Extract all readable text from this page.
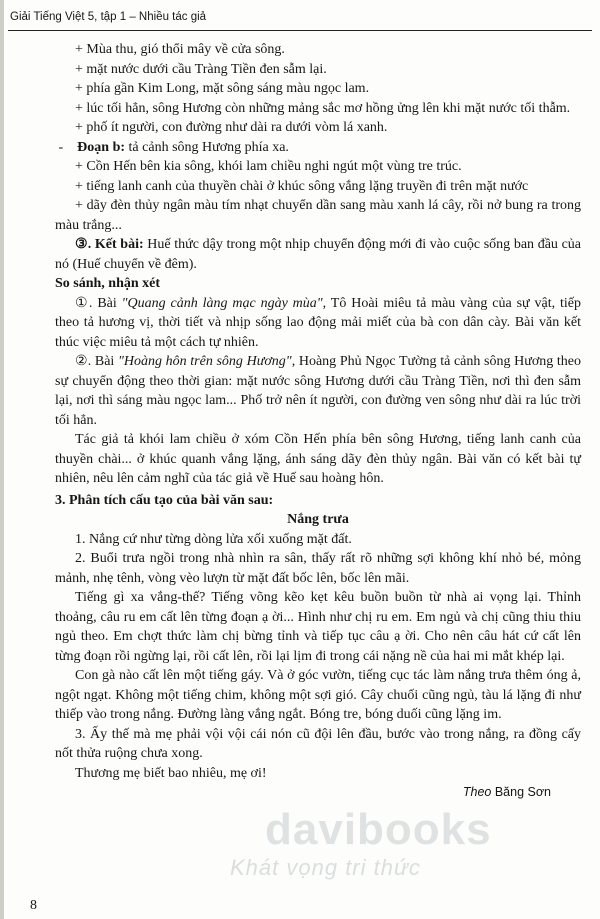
Giải Tiếng Việt 5, tập 1 – Nhiều tác giả

+ Mùa thu, gió thổi mây về cửa sông.

+ mặt nước dưới cầu Tràng Tiền đen sẫm lại.

+ phía gần Kim Long, mặt sông sáng màu ngọc lam.

+ lúc tối hẳn, sông Hương còn những mảng sắc mơ hồng ửng lên khi mặt nước tối thẫm.

+ phố ít người, con đường như dài ra dưới vòm lá xanh.

-    Đoạn b: tả cảnh sông Hương phía xa.

+ Cồn Hến bên kia sông, khói lam chiều nghi ngút một vùng tre trúc.

+ tiếng lanh canh của thuyền chài ở khúc sông vắng lặng truyền đi trên mặt nước

+ dãy đèn thủy ngân màu tím nhạt chuyển dần sang màu xanh lá cây, rồi nở bung ra trong màu trắng...

③. Kết bài: Huế thức dậy trong một nhịp chuyển động mới đi vào cuộc sống ban đầu của nó (Huế chuyển về đêm).

So sánh, nhận xét

①. Bài "Quang cảnh làng mạc ngày mùa", Tô Hoài miêu tả màu vàng của sự vật, tiếp theo tả hương vị, thời tiết và nhịp sống lao động mải miết của bà con dân cày. Bài văn kết thúc việc miêu tả một cách tự nhiên.

②. Bài "Hoàng hôn trên sông Hương", Hoàng Phủ Ngọc Tường tả cảnh sông Hương theo sự chuyển động theo thời gian: mặt nước sông Hương dưới cầu Tràng Tiền, nơi thì đen sẫm lại, nơi thì sáng màu ngọc lam... Phố trở nên ít người, con đường ven sông như dài ra lúc trời tối hẳn.

Tác giả tả khói lam chiều ở xóm Cồn Hến phía bên sông Hương, tiếng lanh canh của thuyền chài... ở khúc quanh vắng lặng, ánh sáng dãy đèn thủy ngân. Bài văn có kết bài tự nhiên, nêu lên cảm nghĩ của tác giả về Huế sau hoàng hôn.

3. Phân tích cấu tạo của bài văn sau:

Nắng trưa

1. Nắng cứ như từng dòng lửa xối xuống mặt đất.

2. Buổi trưa ngồi trong nhà nhìn ra sân, thấy rất rõ những sợi không khí nhỏ bé, mỏng mảnh, nhẹ tênh, vòng vèo lượn từ mặt đất bốc lên, bốc lên mãi.

Tiếng gì xa vắng-thế? Tiếng võng kẽo kẹt kêu buồn buồn từ nhà ai vọng lại. Thỉnh thoảng, câu ru em cất lên từng đoạn ạ ời... Hình như chị ru em. Em ngủ và chị cũng thiu thiu ngủ theo. Em chợt thức làm chị bừng tỉnh và tiếp tục câu ạ ời. Cho nên câu hát cứ cất lên từng đoạn rồi ngừng lại, rồi cất lên, rồi lại lịm đi trong cái nặng nề của hai mi mắt khép lại.

Con gà nào cất lên một tiếng gáy. Và ở góc vườn, tiếng cục tác làm nắng trưa thêm óng ả, ngột ngạt. Không một tiếng chim, không một sợi gió. Cây chuối cũng ngủ, tàu lá lặng đi như thiếp vào trong nắng. Đường làng vắng ngắt. Bóng tre, bóng duối cũng lặng im.

3. Ấy thế mà mẹ phải vội vội cái nón cũ đội lên đầu, bước vào trong nắng, ra đồng cấy nốt thửa ruộng chưa xong.

Thương mẹ biết bao nhiêu, mẹ ơi!

Theo Băng Sơn

davibooks
Khát vọng tri thức
8
